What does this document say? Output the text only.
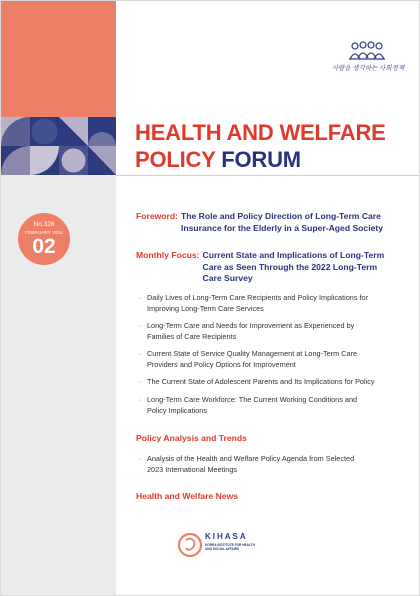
사람을 생각하는 사회정책
HEALTH AND WELFARE
POLICY FORUM
No.328
FEBRUARY 2024
02
Foreword: The Role and Policy Direction of Long-Term Care
Insurance for the Elderly in a Super-Aged Society
Monthly Focus: Current State and Implications of Long-Term
Care as Seen Through the 2022 Long-Term
Care Survey
· Daily Lives of Long-Term Care Recipients and Policy Implications for
Improving Long-Term Care Services
· Long-Term Care and Needs for Improvement as Experienced by
Families of Care Recipients
· Current State of Service Quality Management at Long-Term Care
Providers and Policy Options for Improvement
· The Current State of Adolescent Parents and Its Implications for Policy
· Long-Term Care Workforce: The Current Working Conditions and
Policy Implications
Policy Analysis and Trends
· Analysis of the Health and Welfare Policy Agenda from Selected
2023 International Meetings
Health and Welfare News
KIHASA
KOREA INSTITUTE FOR HEALTH AND SOCIAL AFFAIRS
